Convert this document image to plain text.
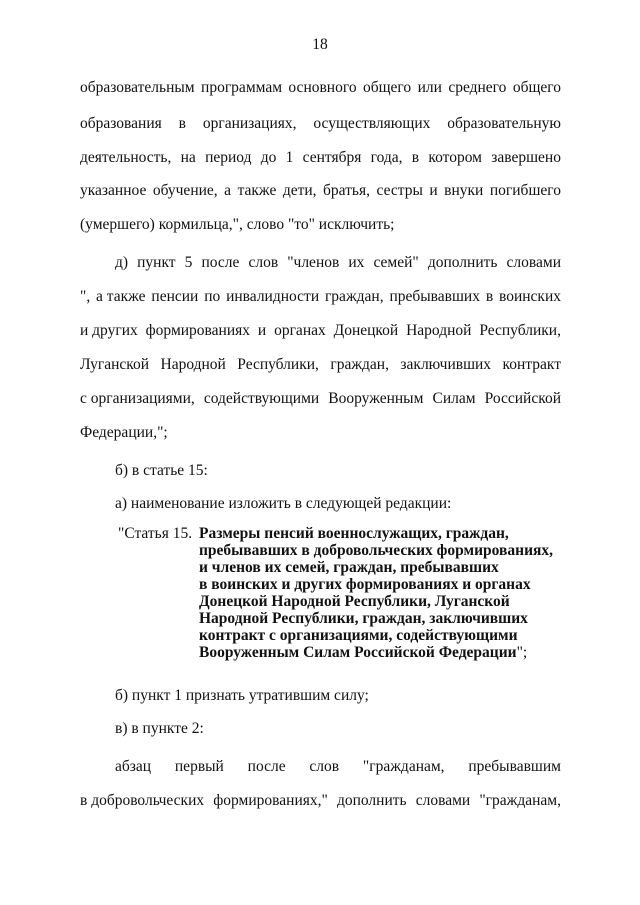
18
образовательным программам основного общего или среднего общего
образования в организациях, осуществляющих образовательную
деятельность, на период до 1 сентября года, в котором завершено
указанное обучение, а также дети, братья, сестры и внуки погибшего
(умершего) кормильца,", слово "то" исключить;
д) пункт 5 после слов "членов их семей" дополнить словами
", а также пенсии по инвалидности граждан, пребывавших в воинских
и других формированиях и органах Донецкой Народной Республики,
Луганской Народной Республики, граждан, заключивших контракт
с организациями, содействующими Вооруженным Силам Российской
Федерации,";
б) в статье 15:
а) наименование изложить в следующей редакции:
"Статья 15. Размеры пенсий военнослужащих, граждан,
пребывавших в добровольческих формированиях,
и членов их семей, граждан, пребывавших
в воинских и других формированиях и органах
Донецкой Народной Республики, Луганской
Народной Республики, граждан, заключивших
контракт с организациями, содействующими
Вооруженным Силам Российской Федерации";
б) пункт 1 признать утратившим силу;
в) в пункте 2:
абзац первый после слов "гражданам, пребывавшим
в добровольческих формированиях," дополнить словами "гражданам,
